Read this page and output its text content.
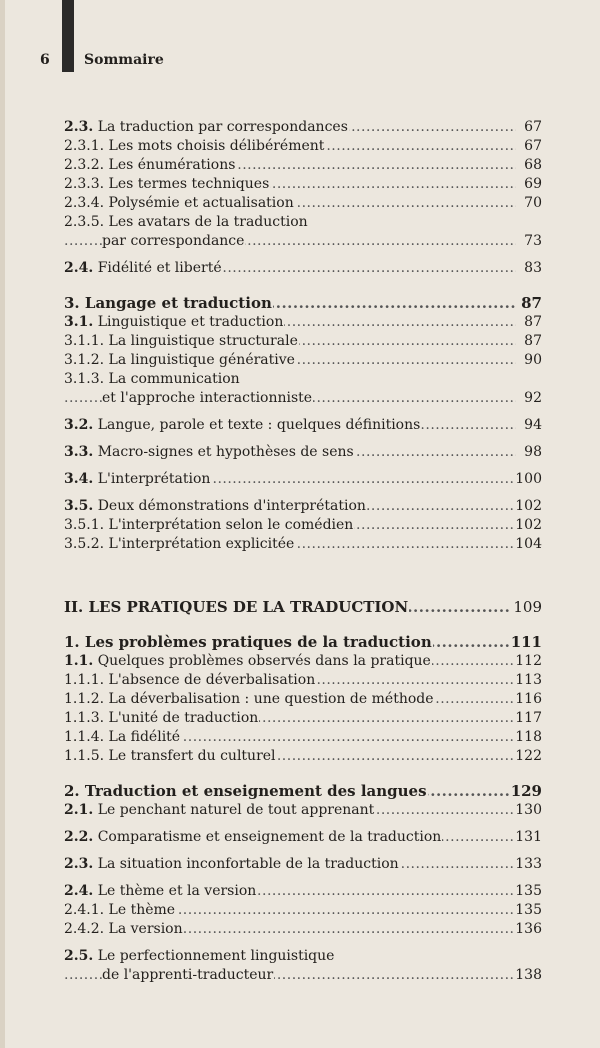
6 Sommaire
.....
2.3. La traduction par correspondances	67
.....
2.3.1. Les mots choisis délibérément	67
.....
2.3.2. Les énumérations	68
.....
2.3.3. Les termes techniques	69
.....
2.3.4. Polysémie et actualisation	70
2.3.5. Les avatars de la traduction
.....
par correspondance	73
.....
2.4. Fidélité et liberté	83
.....
3. Langage et traduction	87
.....
3.1. Linguistique et traduction	87
.....
3.1.1. La linguistique structurale	87
.....
3.1.2. La linguistique générative	90
3.1.3. La communication
.....
et l'approche interactionniste	92
.....
3.2. Langue, parole et texte : quelques définitions	94
.....
3.3. Macro-signes et hypothèses de sens	98
.....
3.4. L'interprétation	100
.....
3.5. Deux démonstrations d'interprétation	102
.....
3.5.1. L'interprétation selon le comédien	102
.....
3.5.2. L'interprétation explicitée	104
.....
II. LES PRATIQUES DE LA TRADUCTION	109
.....
1. Les problèmes pratiques de la traduction	111
.....
1.1. Quelques problèmes observés dans la pratique	112
.....
1.1.1. L'absence de déverbalisation	113
.....
1.1.2. La déverbalisation : une question de méthode	116
.....
1.1.3. L'unité de traduction	117
.....
1.1.4. La fidélité	118
.....
1.1.5. Le transfert du culturel	122
.....
2. Traduction et enseignement des langues	129
.....
2.1. Le penchant naturel de tout apprenant	130
.....
2.2. Comparatisme et enseignement de la traduction	131
.....
2.3. La situation inconfortable de la traduction	133
.....
2.4. Le thème et la version	135
.....
2.4.1. Le thème	135
.....
2.4.2. La version	136
2.5. Le perfectionnement linguistique
.....
de l'apprenti-traducteur	138
